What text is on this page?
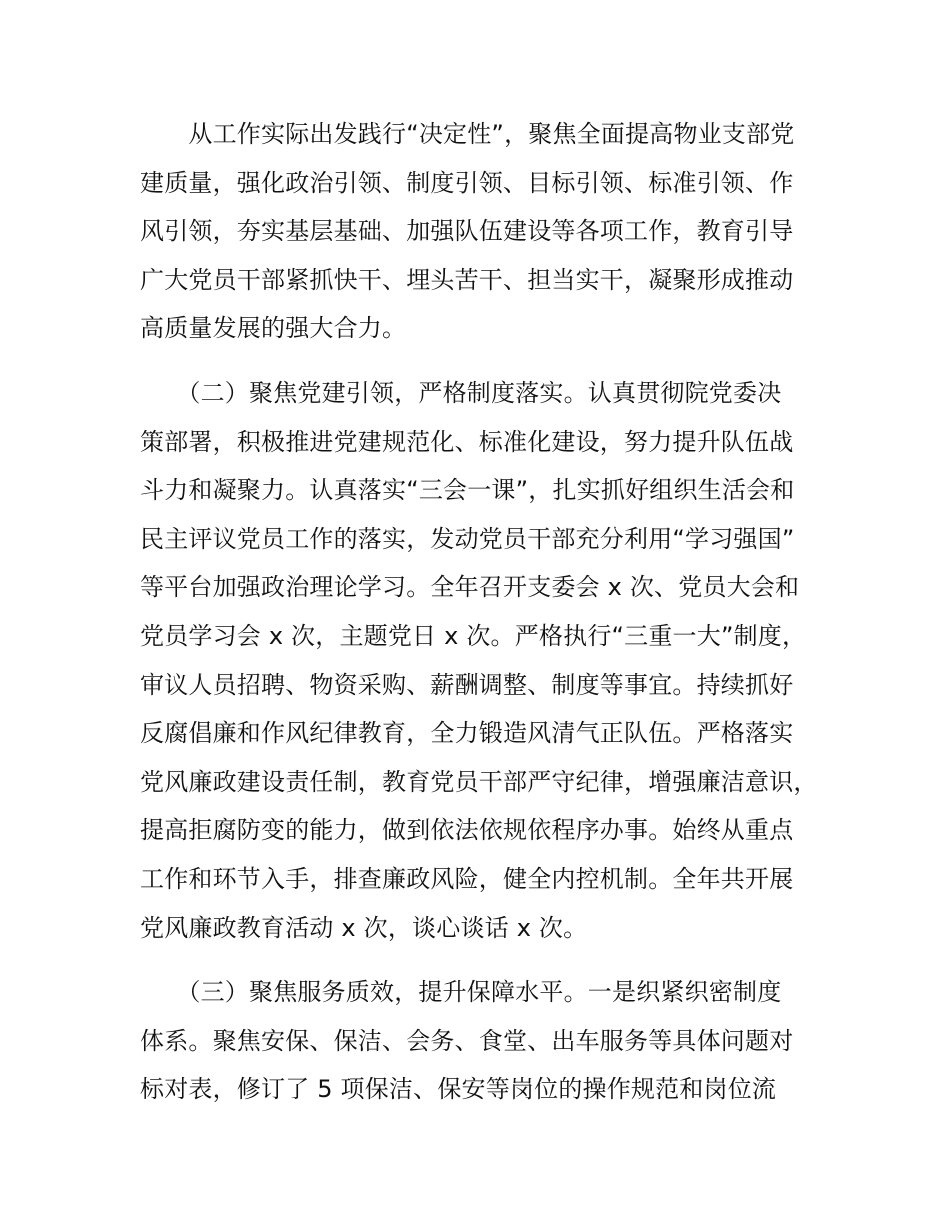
　　从工作实际出发践行“决定性”，聚焦全面提高物业支部党
建质量，强化政治引领、制度引领、目标引领、标准引领、作
风引领，夯实基层基础、加强队伍建设等各项工作，教育引导
广大党员干部紧抓快干、埋头苦干、担当实干，凝聚形成推动
高质量发展的强大合力。
　　（二）聚焦党建引领，严格制度落实。认真贯彻院党委决
策部署，积极推进党建规范化、标准化建设，努力提升队伍战
斗力和凝聚力。认真落实“三会一课”，扎实抓好组织生活会和
民主评议党员工作的落实，发动党员干部充分利用“学习强国”
等平台加强政治理论学习。全年召开支委会 x 次、党员大会和
党员学习会 x 次，主题党日 x 次。严格执行“三重一大”制度，
审议人员招聘、物资采购、薪酬调整、制度等事宜。持续抓好
反腐倡廉和作风纪律教育，全力锻造风清气正队伍。严格落实
党风廉政建设责任制，教育党员干部严守纪律，增强廉洁意识，
提高拒腐防变的能力，做到依法依规依程序办事。始终从重点
工作和环节入手，排查廉政风险，健全内控机制。全年共开展
党风廉政教育活动 x 次，谈心谈话 x 次。
　　（三）聚焦服务质效，提升保障水平。一是织紧织密制度
体系。聚焦安保、保洁、会务、食堂、出车服务等具体问题对
标对表，修订了 5 项保洁、保安等岗位的操作规范和岗位流
